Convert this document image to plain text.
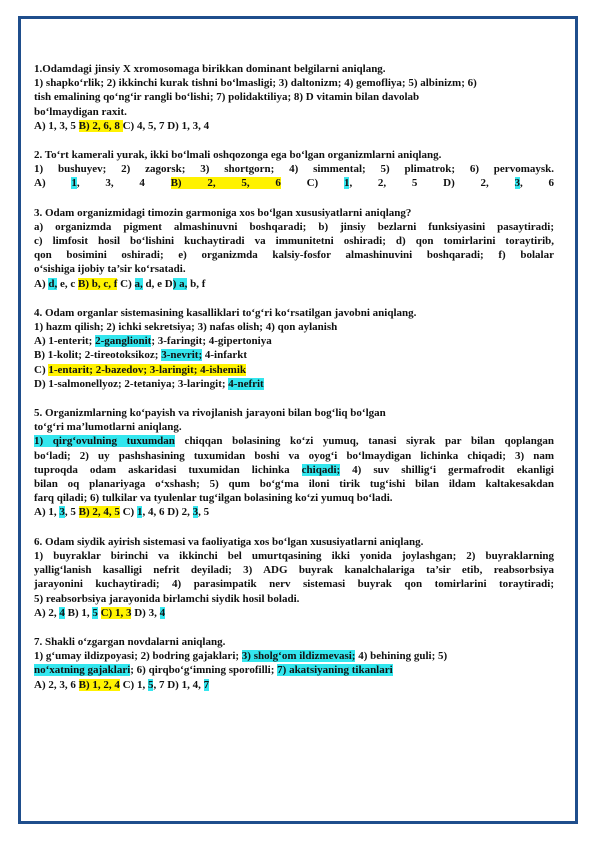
1.Odamdagi jinsiy X xromosomaga birikkan dominant belgilarni aniqlang.
1) shapko‘rlik; 2) ikkinchi kurak tishni bo‘lmasligi; 3) daltonizm; 4) gemofliya; 5) albinizm; 6)
tish emalining qo‘ng‘ir rangli bo‘lishi; 7) polidaktiliya; 8) D vitamin bilan davolab
bo‘lmaydigan raxit.
A) 1, 3, 5 B) 2, 6, 8 C) 4, 5, 7 D) 1, 3, 4
2. To‘rt kamerali yurak, ikki bo‘lmali oshqozonga ega bo‘lgan organizmlarni aniqlang.
1) bushuyev; 2) zagorsk; 3) shortgorn; 4) simmental; 5) plimatrok; 6) pervomaysk.
A) 1, 3, 4 B) 2, 5, 6 C) 1, 2, 5 D) 2, 3, 6
3. Odam organizmidagi timozin garmoniga xos bo‘lgan xususiyatlarni aniqlang?
a) organizmda pigment almashinuvni boshqaradi; b) jinsiy bezlarni funksiyasini pasaytiradi;
c) limfosit hosil bo‘lishini kuchaytiradi va immunitetni oshiradi; d) qon tomirlarini toraytirib,
qon bosimini oshiradi; e) organizmda kalsiy-fosfor almashinuvini boshqaradi; f) bolalar
o‘sishiga ijobiy ta’sir ko‘rsatadi.
A) d, e, c B) b, c, f C) a, d, e D) a, b, f
4. Odam organlar sistemasining kasalliklari to‘g‘ri ko‘rsatilgan javobni aniqlang.
1) hazm qilish; 2) ichki sekretsiya; 3) nafas olish; 4) qon aylanish
A) 1-enterit; 2-ganglionit; 3-faringit; 4-gipertoniya
B) 1-kolit; 2-tireotoksikoz; 3-nevrit; 4-infarkt
C) 1-entarit; 2-bazedov; 3-laringit; 4-ishemik
D) 1-salmonellyoz; 2-tetaniya; 3-laringit; 4-nefrit
5. Organizmlarning ko‘payish va rivojlanish jarayoni bilan bog‘liq bo‘lgan
to‘g‘ri ma’lumotlarni aniqlang.
1) qirg‘ovulning tuxumdan chiqqan bolasining ko‘zi yumuq, tanasi siyrak par bilan qoplangan
bo‘ladi; 2) uy pashshasining tuxumidan boshi va oyog‘i bo‘lmaydigan lichinka chiqadi; 3) nam
tuproqda odam askaridasi tuxumidan lichinka chiqadi; 4) suv shillig‘i germafrodit ekanligi
bilan oq planariyaga o‘xshash; 5) qum bo‘g‘ma iloni tirik tug‘ishi bilan ildam kaltakesakdan
farq qiladi; 6) tulkilar va tyulenlar tug‘ilgan bolasining ko‘zi yumuq bo‘ladi.
A) 1, 3, 5 B) 2, 4, 5 C) 1, 4, 6 D) 2, 3, 5
6. Odam siydik ayirish sistemasi va faoliyatiga xos bo‘lgan xususiyatlarni aniqlang.
1) buyraklar birinchi va ikkinchi bel umurtqasining ikki yonida joylashgan; 2) buyraklarning
yallig‘lanish kasalligi nefrit deyiladi; 3) ADG buyrak kanalchalariga ta’sir etib, reabsorbsiya
jarayonini kuchaytiradi; 4) parasimpatik nerv sistemasi buyrak qon tomirlarini toraytiradi;
5) reabsorbsiya jarayonida birlamchi siydik hosil boladi.
A) 2, 4 B) 1, 5 C) 1, 3 D) 3, 4
7. Shakli o‘zgargan novdalarni aniqlang.
1) g‘umay ildizpoyasi; 2) bodring gajaklari; 3) sholg‘om ildizmevasi; 4) behining guli; 5)
no‘xatning gajaklari; 6) qirqbo‘g‘imning sporofilli; 7) akatsiyaning tikanlari
A) 2, 3, 6 B) 1, 2, 4 C) 1, 5, 7 D) 1, 4, 7
